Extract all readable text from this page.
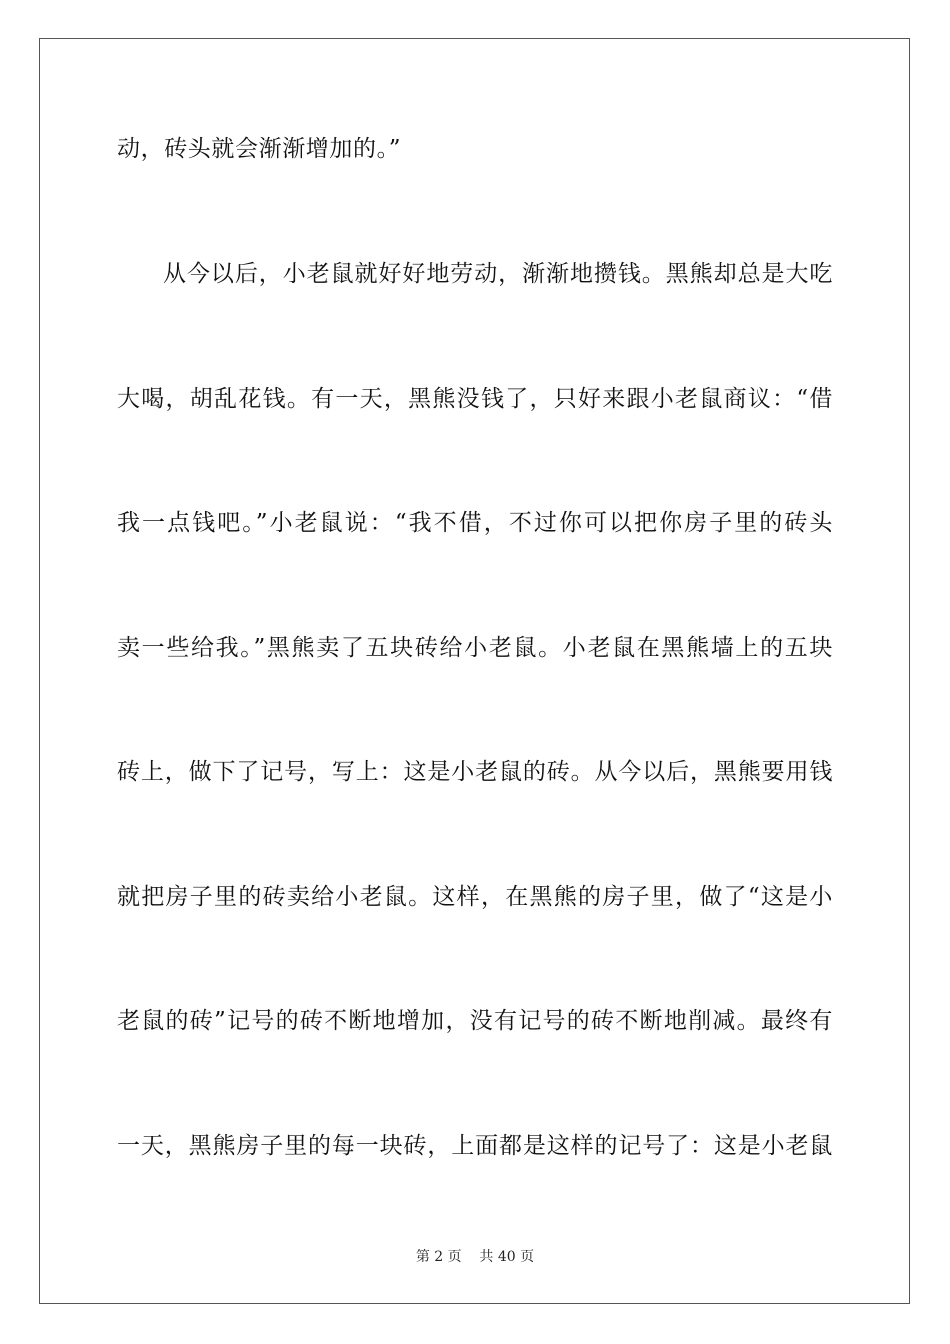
动，砖头就会渐渐增加的。”
从今以后，小老鼠就好好地劳动，渐渐地攒钱。黑熊却总是大吃
大喝，胡乱花钱。有一天，黑熊没钱了，只好来跟小老鼠商议：“借
我一点钱吧。”小老鼠说：“我不借，不过你可以把你房子里的砖头
卖一些给我。”黑熊卖了五块砖给小老鼠。小老鼠在黑熊墙上的五块
砖上，做下了记号，写上：这是小老鼠的砖。从今以后，黑熊要用钱
就把房子里的砖卖给小老鼠。这样，在黑熊的房子里，做了“这是小
老鼠的砖”记号的砖不断地增加，没有记号的砖不断地削减。最终有
一天，黑熊房子里的每一块砖，上面都是这样的记号了：这是小老鼠
第 2 页    共 40 页
